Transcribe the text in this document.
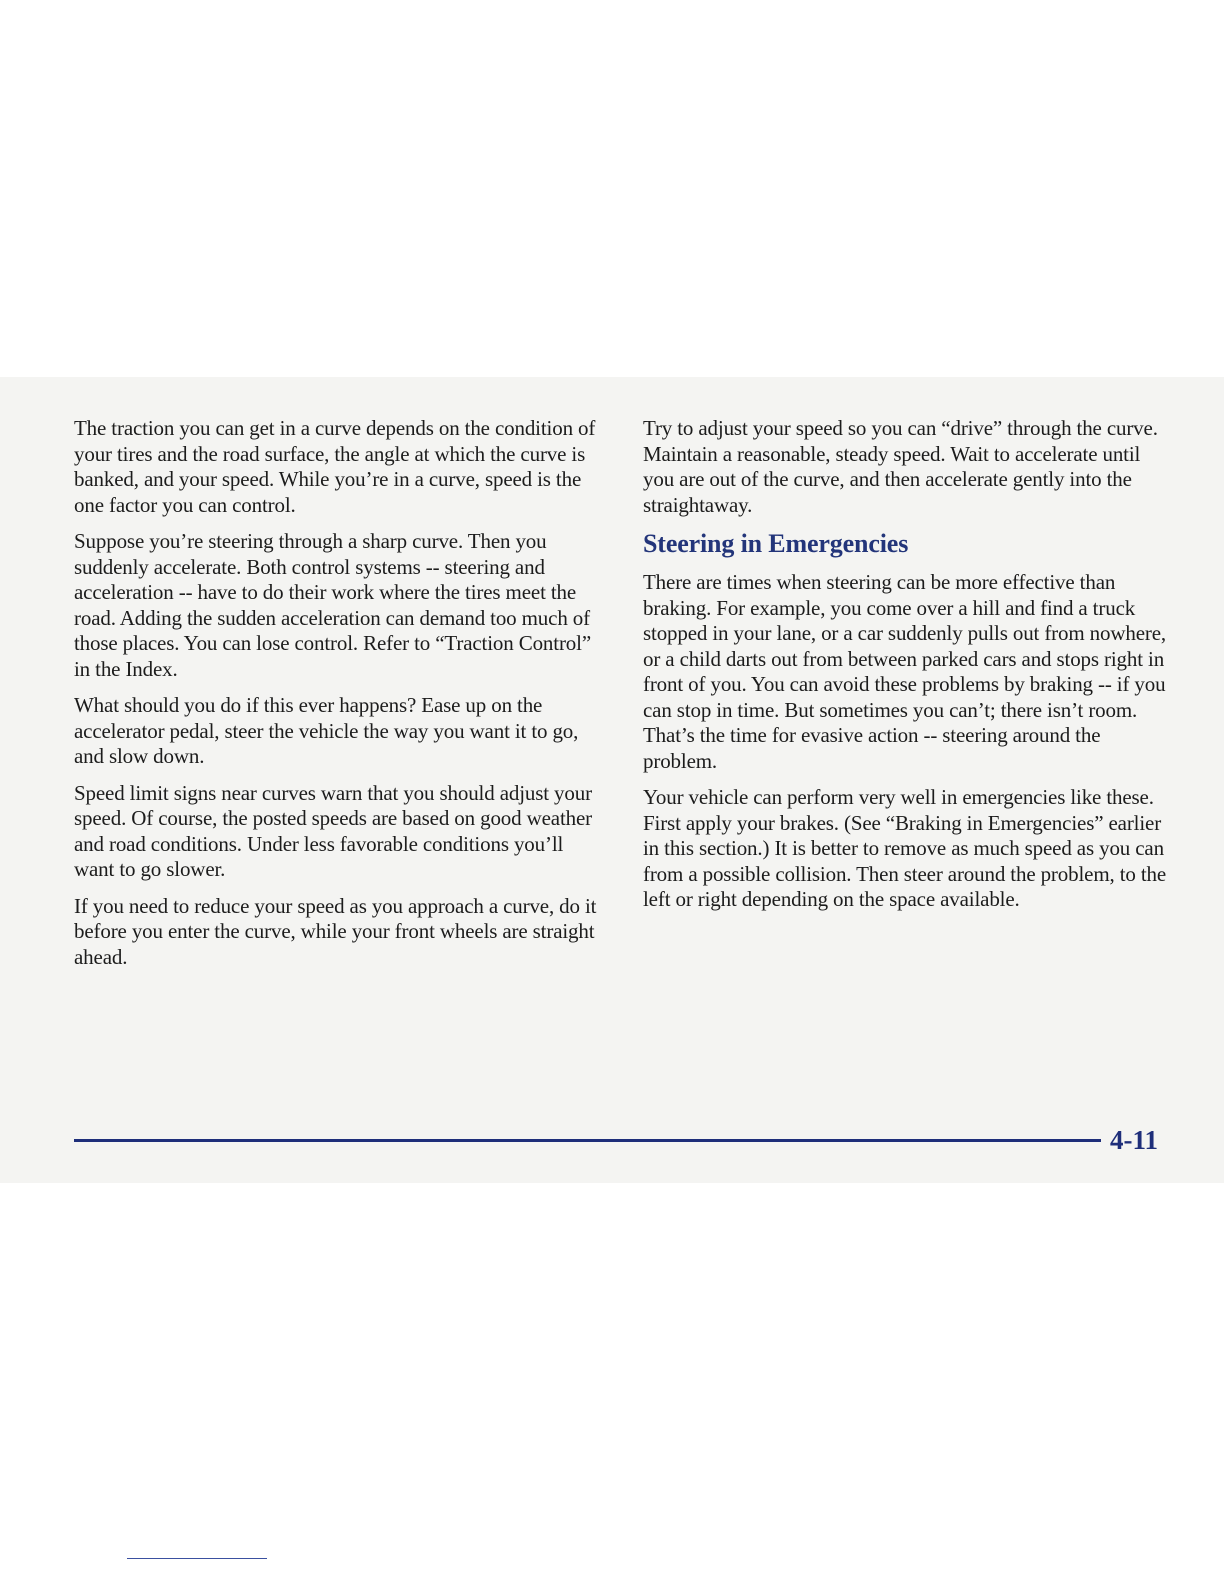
The traction you can get in a curve depends on the condition of your tires and the road surface, the angle at which the curve is banked, and your speed. While you’re in a curve, speed is the one factor you can control.

Suppose you’re steering through a sharp curve. Then you suddenly accelerate. Both control systems -- steering and acceleration -- have to do their work where the tires meet the road. Adding the sudden acceleration can demand too much of those places. You can lose control. Refer to “Traction Control” in the Index.

What should you do if this ever happens? Ease up on the accelerator pedal, steer the vehicle the way you want it to go, and slow down.

Speed limit signs near curves warn that you should adjust your speed. Of course, the posted speeds are based on good weather and road conditions. Under less favorable conditions you’ll want to go slower.

If you need to reduce your speed as you approach a curve, do it before you enter the curve, while your front wheels are straight ahead.

Try to adjust your speed so you can “drive” through the curve. Maintain a reasonable, steady speed. Wait to accelerate until you are out of the curve, and then accelerate gently into the straightaway.

Steering in Emergencies

There are times when steering can be more effective than braking. For example, you come over a hill and find a truck stopped in your lane, or a car suddenly pulls out from nowhere, or a child darts out from between parked cars and stops right in front of you. You can avoid these problems by braking -- if you can stop in time. But sometimes you can’t; there isn’t room. That’s the time for evasive action -- steering around the problem.

Your vehicle can perform very well in emergencies like these. First apply your brakes. (See “Braking in Emergencies” earlier in this section.) It is better to remove as much speed as you can from a possible collision. Then steer around the problem, to the left or right depending on the space available.

4-11
